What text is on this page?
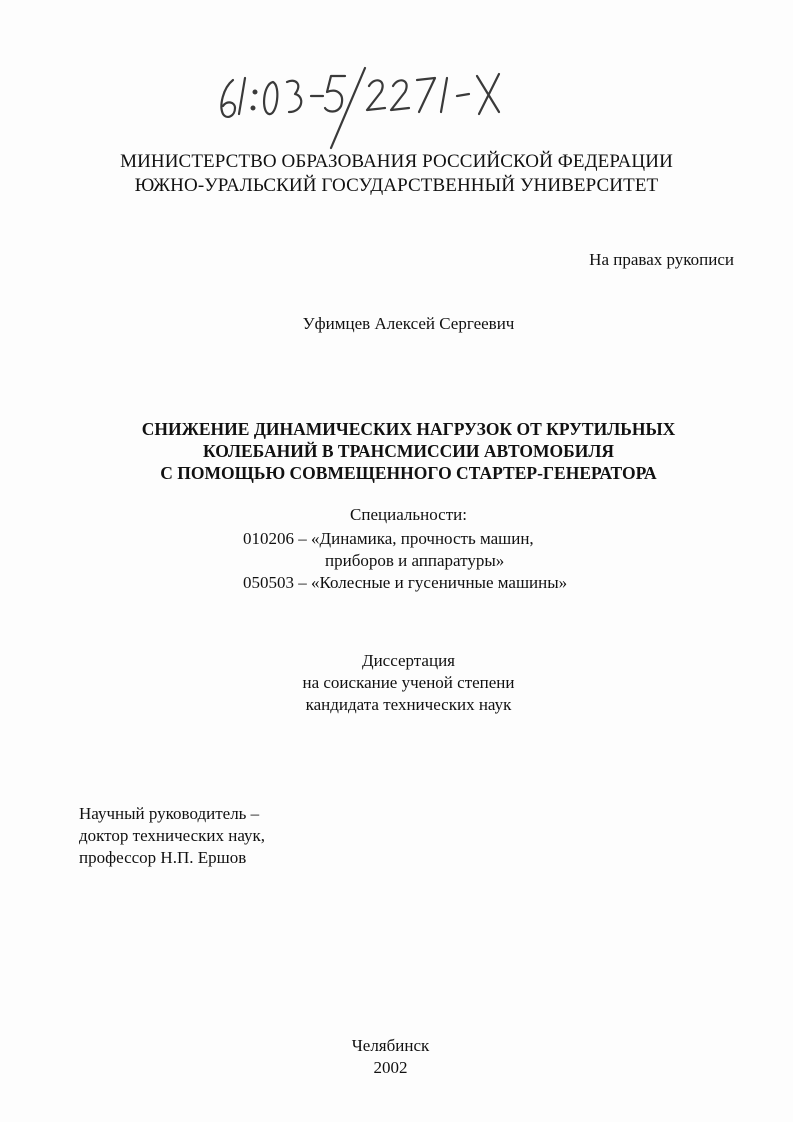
МИНИСТЕРСТВО ОБРАЗОВАНИЯ РОССИЙСКОЙ ФЕДЕРАЦИИ
ЮЖНО-УРАЛЬСКИЙ ГОСУДАРСТВЕННЫЙ УНИВЕРСИТЕТ
На правах рукописи
Уфимцев Алексей Сергеевич
СНИЖЕНИЕ ДИНАМИЧЕСКИХ НАГРУЗОК ОТ КРУТИЛЬНЫХ
КОЛЕБАНИЙ В ТРАНСМИССИИ АВТОМОБИЛЯ
С ПОМОЩЬЮ СОВМЕЩЕННОГО СТАРТЕР-ГЕНЕРАТОРА
Специальности:
010206 – «Динамика, прочность машин,
приборов и аппаратуры»
050503 – «Колесные и гусеничные машины»
Диссертация
на соискание ученой степени
кандидата технических наук
Научный руководитель –
доктор технических наук,
профессор Н.П. Ершов
Челябинск
2002
